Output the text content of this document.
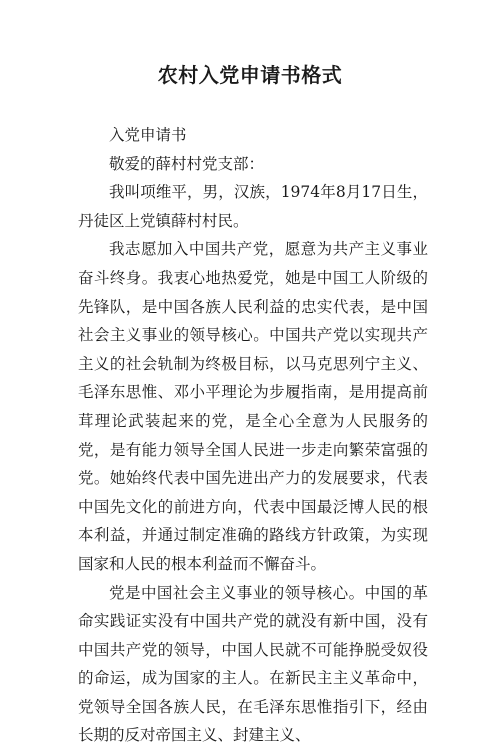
农村入党申请书格式

入党申请书

敬爱的薛村村党支部：

我叫项维平，男，汉族，1974年8月17日生，丹徒区上党镇薛村村民。

我志愿加入中国共产党，愿意为共产主义事业奋斗终身。我衷心地热爱党，她是中国工人阶级的先锋队，是中国各族人民利益的忠实代表，是中国社会主义事业的领导核心。中国共产党以实现共产主义的社会轨制为终极目标，以马克思列宁主义、毛泽东思惟、邓小平理论为步履指南，是用提高前茸理论武装起来的党，是全心全意为人民服务的党，是有能力领导全国人民进一步走向繁荣富强的党。她始终代表中国先进出产力的发展要求，代表中国先文化的前进方向，代表中国最泛博人民的根本利益，并通过制定准确的路线方针政策，为实现国家和人民的根本利益而不懈奋斗。

党是中国社会主义事业的领导核心。中国的革命实践证实没有中国共产党的就没有新中国，没有中国共产党的领导，中国人民就不可能挣脱受奴役的命运，成为国家的主人。在新民主主义革命中，党领导全国各族人民，在毛泽东思惟指引下，经由长期的反对帝国主义、封建主义、
